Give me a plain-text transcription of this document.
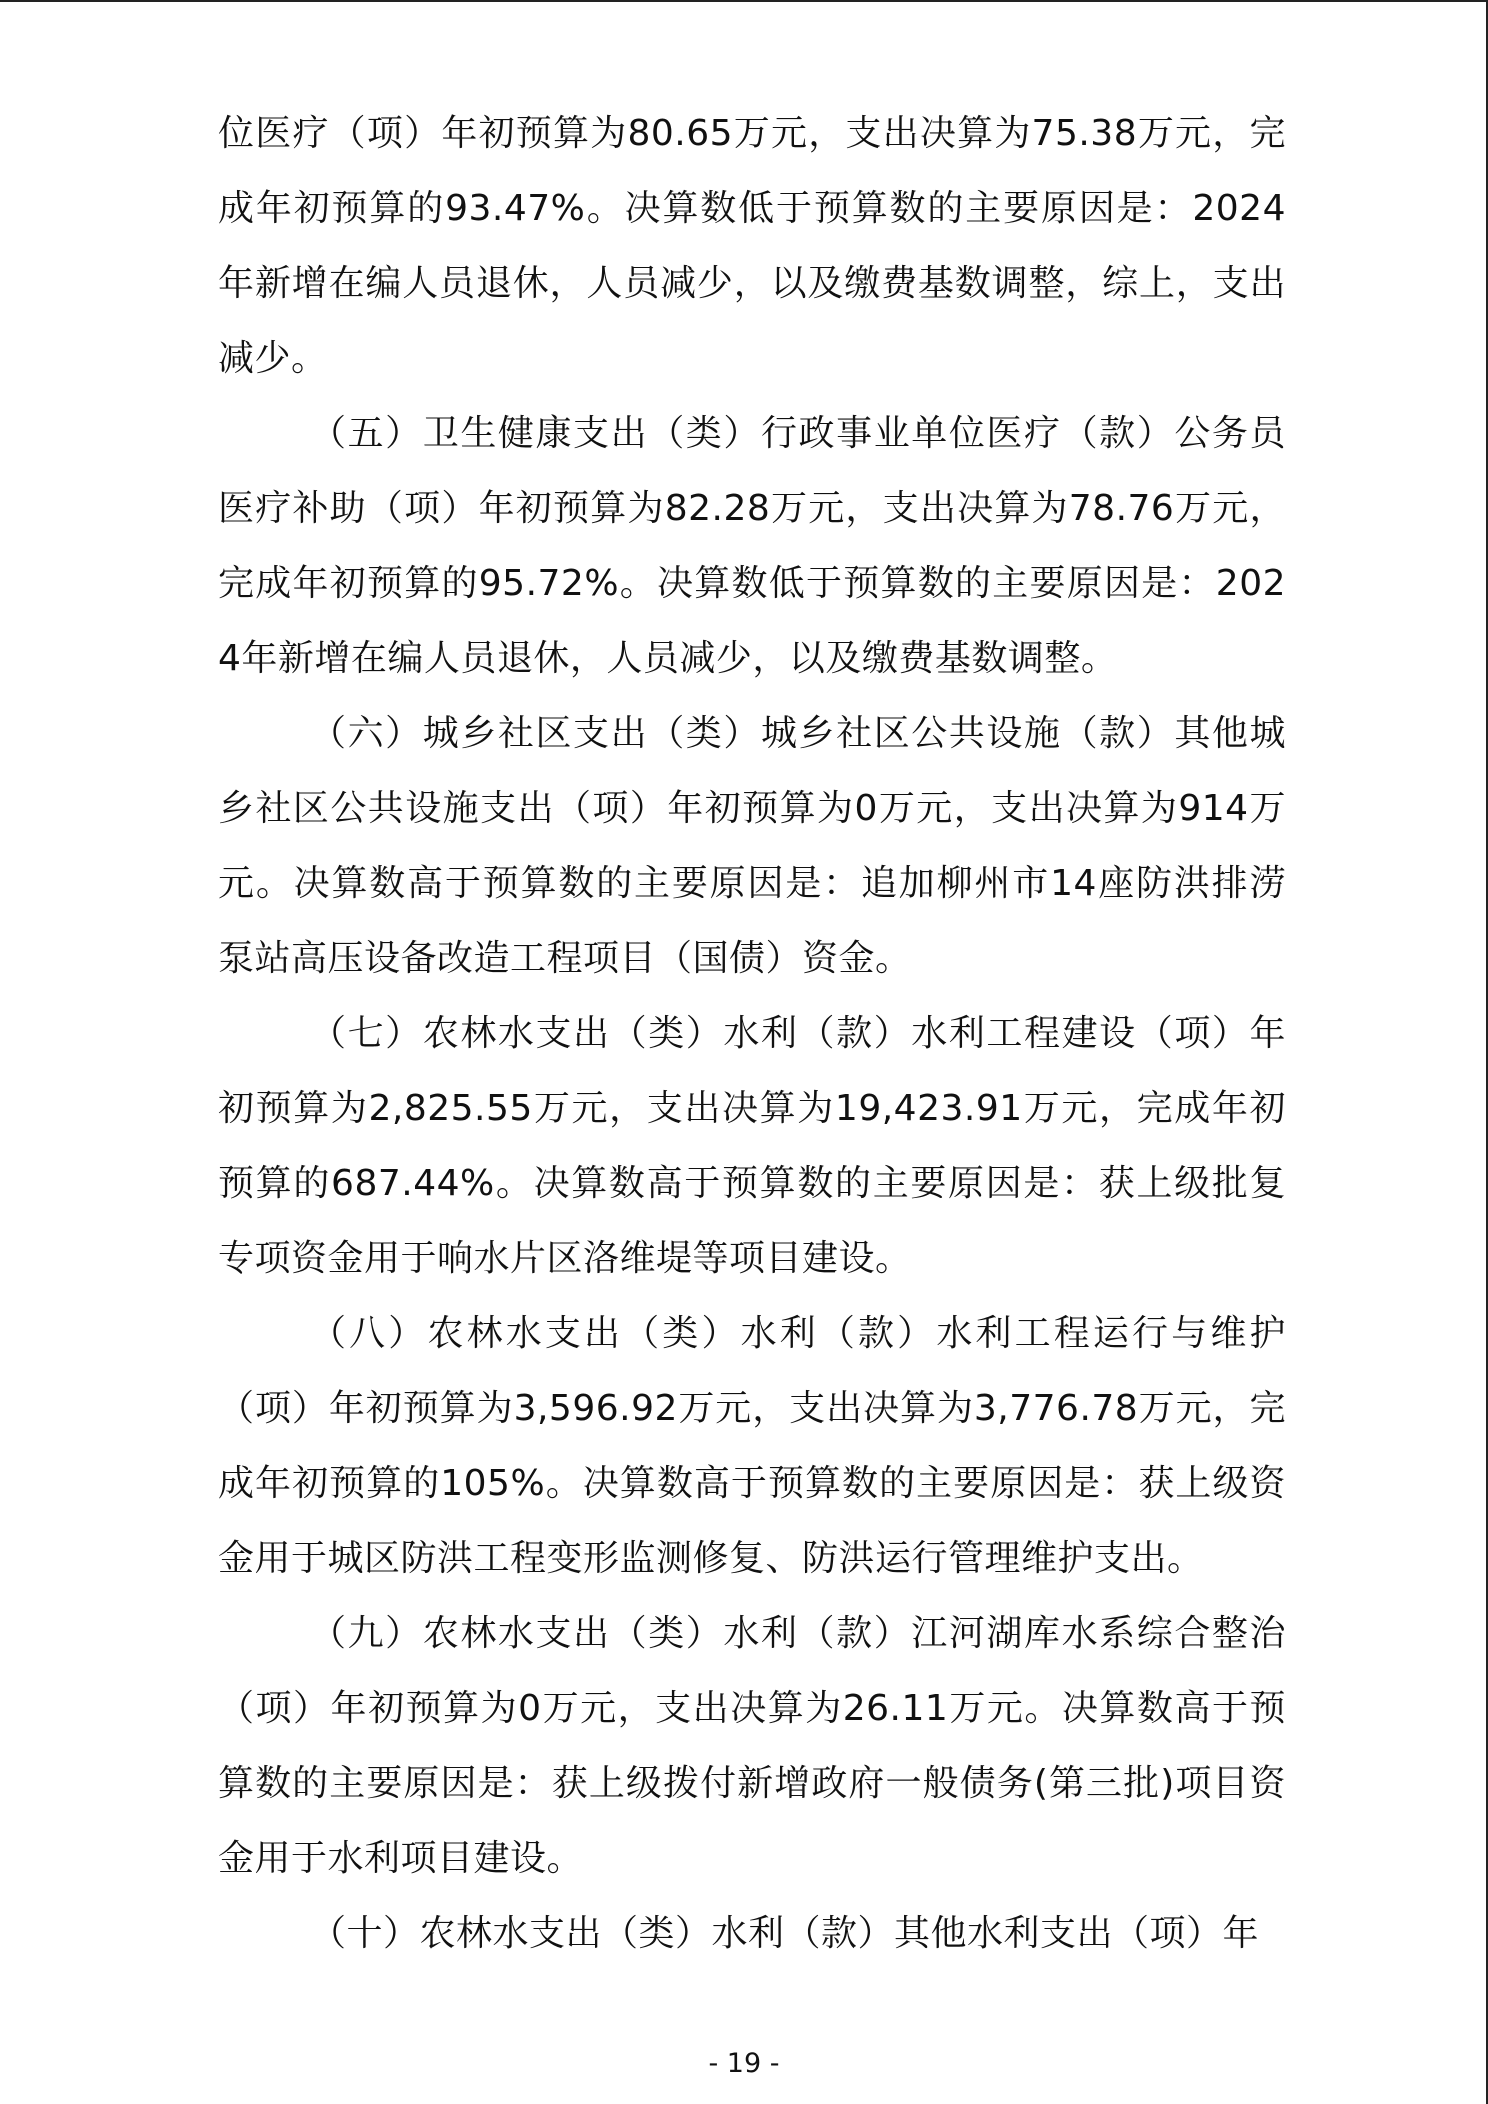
位医疗（项）年初预算为80.65万元，支出决算为75.38万元，完成年初预算的93.47%。决算数低于预算数的主要原因是：2024年新增在编人员退休，人员减少，以及缴费基数调整，综上，支出减少。

（五）卫生健康支出（类）行政事业单位医疗（款）公务员医疗补助（项）年初预算为82.28万元，支出决算为78.76万元，完成年初预算的95.72%。决算数低于预算数的主要原因是：2024年新增在编人员退休，人员减少，以及缴费基数调整。

（六）城乡社区支出（类）城乡社区公共设施（款）其他城乡社区公共设施支出（项）年初预算为0万元，支出决算为914万元。决算数高于预算数的主要原因是：追加柳州市14座防洪排涝泵站高压设备改造工程项目（国债）资金。

（七）农林水支出（类）水利（款）水利工程建设（项）年初预算为2,825.55万元，支出决算为19,423.91万元，完成年初预算的687.44%。决算数高于预算数的主要原因是：获上级批复专项资金用于响水片区洛维堤等项目建设。

（八）农林水支出（类）水利（款）水利工程运行与维护（项）年初预算为3,596.92万元，支出决算为3,776.78万元，完成年初预算的105%。决算数高于预算数的主要原因是：获上级资金用于城区防洪工程变形监测修复、防洪运行管理维护支出。

（九）农林水支出（类）水利（款）江河湖库水系综合整治（项）年初预算为0万元，支出决算为26.11万元。决算数高于预算数的主要原因是：获上级拨付新增政府一般债务(第三批)项目资金用于水利项目建设。

（十）农林水支出（类）水利（款）其他水利支出（项）年

- 19 -
